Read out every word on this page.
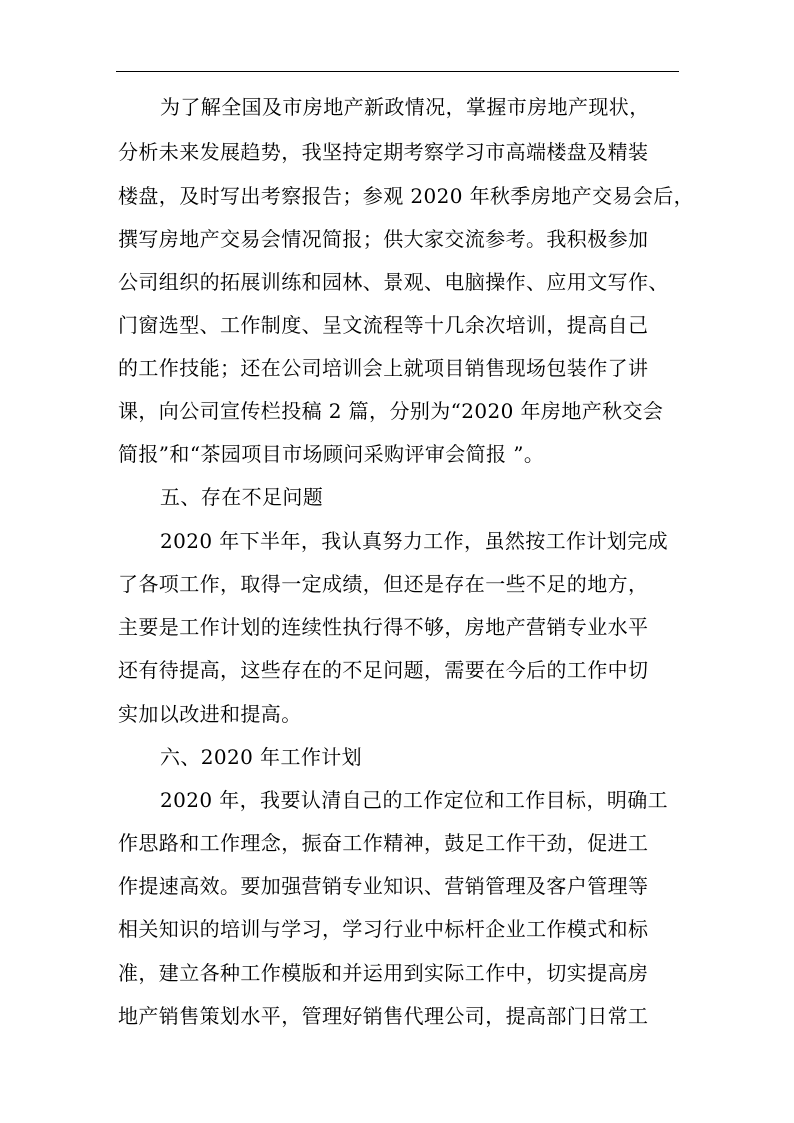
为了解全国及市房地产新政情况，掌握市房地产现状，
分析未来发展趋势，我坚持定期考察学习市高端楼盘及精装
楼盘，及时写出考察报告；参观 2020 年秋季房地产交易会后，
撰写房地产交易会情况简报；供大家交流参考。我积极参加
公司组织的拓展训练和园林、景观、电脑操作、应用文写作、
门窗选型、工作制度、呈文流程等十几余次培训，提高自己
的工作技能；还在公司培训会上就项目销售现场包装作了讲
课，向公司宣传栏投稿 2 篇，分别为“2020 年房地产秋交会
简报”和“茶园项目市场顾问采购评审会简报 ”。
五、存在不足问题
2020 年下半年，我认真努力工作，虽然按工作计划完成
了各项工作，取得一定成绩，但还是存在一些不足的地方，
主要是工作计划的连续性执行得不够，房地产营销专业水平
还有待提高，这些存在的不足问题，需要在今后的工作中切
实加以改进和提高。
六、2020 年工作计划
2020 年，我要认清自己的工作定位和工作目标，明确工
作思路和工作理念，振奋工作精神，鼓足工作干劲，促进工
作提速高效。要加强营销专业知识、营销管理及客户管理等
相关知识的培训与学习，学习行业中标杆企业工作模式和标
准，建立各种工作模版和并运用到实际工作中，切实提高房
地产销售策划水平，管理好销售代理公司，提高部门日常工
